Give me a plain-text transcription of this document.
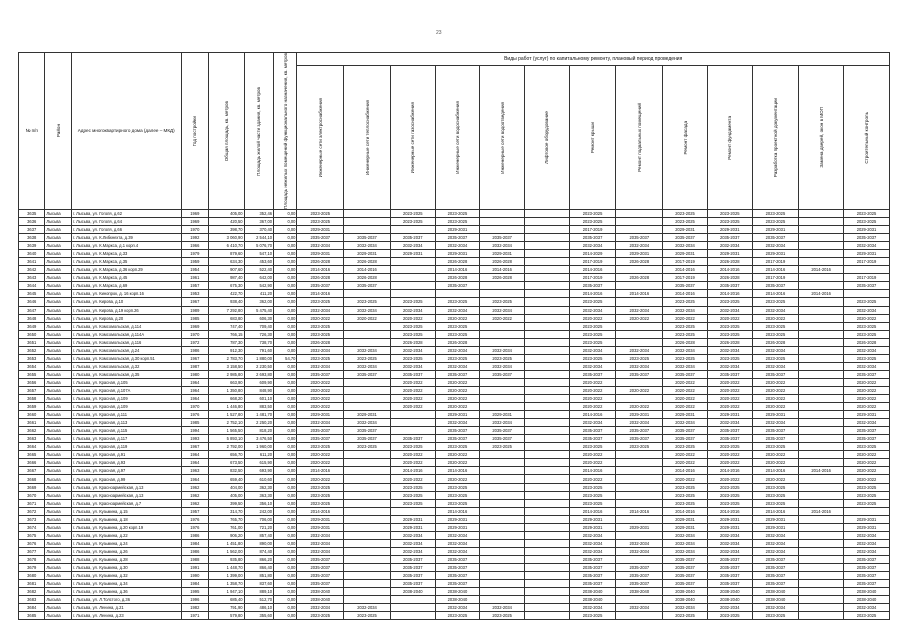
23
№ п/п	Район	Адрес многоквартирного дома (далее – МКД)	Год постройки	Общая площадь, кв. метров	Площадь жилой части здания, кв. метров	Площадь нежилых помещений функционального назначения, кв. метров	Виды работ (услуг) по капитальному ремонту, плановый период проведения												

							Инженерные сети электроснабжения	Инженерные сети теплоснабжения	Инженерные сети газоснабжения	Инженерные сети водоснабжения	Инженерные сети водоотведения	Лифтовое оборудование	Ремонт крыши	Ремонт подвальных помещений	Ремонт фасада	Ремонт фундамента	Разработка проектной документации	Замена дверей, окон в МОП	Строительный контроль

3635	Лысьва	г. Лысьва, ул. Гоголя, д.62	1969	405,00	352,46	0,00	2023-2025		2023-2025	2023-2025			2023-2025		2023-2025	2023-2025	2023-2025		2023-2025
3636	Лысьва	г. Лысьва, ул. Гоголя, д.64	1969	420,50	367,00	0,00	2023-2025		2023-2025	2023-2025			2023-2025		2023-2025	2023-2025	2023-2025		2023-2025
3637	Лысьва	г. Лысьва, ул. Гоголя, д.66	1970	398,70	370,40	0,00	2029-2031			2029-2031			2017-2019		2029-2031	2029-2031	2029-2031		2029-2031
3638	Лысьва	г. Лысьва, ул. К.Либкнехта, д.39	1992	3 060,90	2 544,10	0,00	2035-2037	2035-2037	2035-2037	2035-2037	2035-2037		2035-2037	2035-2037	2035-2037	2035-2037	2035-2037		2035-2037
3639	Лысьва	г. Лысьва, ул. К.Маркса, д.1 корп.4	1966	6 410,70	5 076,70	0,00	2032-2034	2032-2034	2032-2034	2032-2034	2032-2034		2032-2034	2032-2034	2032-2034	2032-2034	2032-2034		2032-2034
3640	Лысьва	г. Лысьва, ул. К.Маркса, д.33	1979	879,60	547,10	0,00	2029-2031	2029-2031	2029-2031	2029-2031	2029-2031		2014-2029	2029-2031	2029-2031	2029-2031	2029-2031		2029-2031
3641	Лысьва	г. Лысьва, ул. К.Маркса, д.35	1959	634,30	453,60	0,00	2026-2028	2026-2028		2026-2028	2026-2028		2017-2019	2026-2028	2017-2019	2026-2028	2017-2019		2017-2019
3642	Лысьва	г. Лысьва, ул. К.Маркса, д.36 корп.29	1954	907,60	522,40	0,00	2014-2016	2014-2016		2014-2016	2014-2016		2014-2016		2014-2016	2014-2016	2014-2016	2014-2016	
3643	Лысьва	г. Лысьва, ул. К.Маркса, д.45	1961	987,40	642,00	0,00	2026-2028	2026-2028		2026-2028	2026-2028		2017-2019	2026-2028	2017-2019	2026-2028	2017-2019		2017-2019
3644	Лысьва	г. Лысьва, ул. К.Маркса, д.69	1957	675,30	542,90	0,00	2035-2037	2035-2037		2035-2037			2035-2037		2035-2037	2035-2037	2035-2037		2035-2037
3645	Лысьва	г. Лысьва, ул. Кинопрок, д. 16 корп.16	1953	422,70	411,20	0,00	2014-2016						2014-2016	2014-2016	2014-2016	2014-2016	2014-2016	2014-2016	
3646	Лысьва	г. Лысьва, ул. Кирова, д.10	1967	938,40	362,00	0,00	2023-2025	2023-2025	2023-2025	2023-2025	2023-2025		2023-2025		2023-2025	2023-2025	2023-2025		2023-2025
3647	Лысьва	г. Лысьва, ул. Кирова, д.19 корп.26	1989	7 292,80	5 475,40	0,00	2032-2034	2032-2034	2032-2034	2032-2034	2032-2034		2032-2034	2032-2034	2032-2034	2032-2034	2032-2034		2032-2034
3648	Лысьва	г. Лысьва, ул. Кирова, д.20	1985	683,80	606,30	0,00	2020-2022	2020-2022	2020-2022	2020-2022	2020-2022		2020-2022	2020-2022	2020-2022	2020-2022	2020-2022		2020-2022
3649	Лысьва	г. Лысьва, ул. Комсомольская, д.114	1969	747,40	709,40	0,00	2023-2025		2023-2025	2023-2025			2023-2025		2023-2025	2023-2025	2023-2025		2023-2025
3650	Лысьва	г. Лысьва, ул. Комсомольская, д.114А	1970	766,15	726,30	0,00	2023-2025		2023-2025	2023-2025			2023-2025		2023-2025	2023-2025	2023-2025		2023-2025
3651	Лысьва	г. Лысьва, ул. Комсомольская, д.116	1972	787,30	738,70	0,00	2026-2028		2026-2028	2026-2028			2023-2025		2026-2028	2026-2028	2026-2028		2026-2028
3652	Лысьва	г. Лысьва, ул. Комсомольская, д.24	1986	912,30	791,60	0,00	2032-2034	2032-2034	2032-2034	2032-2034	2032-2034		2032-2034	2032-2034	2032-2034	2032-2034	2032-2034		2032-2034
3653	Лысьва	г. Лысьва, ул. Комсомольская, д.30 корп.51	1967	2 783,70	1 880,00	54,70	2023-2025	2023-2025	2023-2025	2023-2025	2023-2025		2023-2025	2023-2025	2023-2025	2023-2025	2023-2025		2023-2025
3654	Лысьва	г. Лысьва, ул. Комсомольская, д.32	1987	3 158,50	2 230,50	0,00	2032-2034	2032-2034	2032-2034	2032-2034	2032-2034		2032-2034	2032-2034	2032-2034	2032-2034	2032-2034		2032-2034
3655	Лысьва	г. Лысьва, ул. Комсомольская, д.35	1980	2 985,80	2 693,80	0,00	2035-2037	2035-2037	2035-2037	2035-2037	2035-2037		2035-2037	2035-2037	2035-2037	2035-2037	2035-2037		2035-2037
3656	Лысьва	г. Лысьва, ул. Красная, д.105	1964	663,90	609,90	0,00	2020-2022		2020-2022	2020-2022			2020-2022		2020-2022	2020-2022	2020-2022		2020-2022
3657	Лысьва	г. Лысьва, ул. Красная, д.107А	1964	1 350,80	848,90	0,00	2020-2022		2020-2022	2020-2022			2020-2022	2020-2022	2020-2022	2020-2022	2020-2022		2020-2022
3658	Лысьва	г. Лысьва, ул. Красная, д.109	1964	668,20	601,10	0,00	2020-2022		2020-2022	2020-2022			2020-2022		2020-2022	2020-2022	2020-2022		2020-2022
3659	Лысьва	г. Лысьва, ул. Красная, д.109	1970	1 446,80	883,50	0,00	2020-2022		2020-2022	2020-2022			2020-2022	2020-2022	2020-2022	2020-2022	2020-2022		2020-2022
3660	Лысьва	г. Лысьва, ул. Красная, д.111	1976	1 527,80	1 481,70	0,00	2029-2031	2029-2031		2029-2031	2029-2031		2014-2016	2029-2031	2029-2031	2029-2031	2029-2031		2029-2031
3661	Лысьва	г. Лысьва, ул. Красная, д.113	1985	2 752,10	2 250,20	0,00	2032-2034	2032-2034		2032-2034	2032-2034		2032-2034	2032-2034	2032-2034	2032-2034	2032-2034		2032-2034
3662	Лысьва	г. Лысьва, ул. Красная, д.115	1994	1 565,50	818,20	0,00	2035-2037	2035-2037		2035-2037	2035-2037		2035-2037	2035-2037	2035-2037	2035-2037	2035-2037		2035-2037
3663	Лысьва	г. Лысьва, ул. Красная, д.117	1993	5 893,10	3 476,50	0,00	2035-2037	2035-2037	2035-2037	2035-2037	2035-2037		2035-2037	2035-2037	2035-2037	2035-2037	2035-2037		2035-2037
3664	Лысьва	г. Лысьва, ул. Красная, д.119	1967	2 792,00	1 960,00	0,00	2023-2025	2023-2025	2023-2025	2023-2025	2023-2025		2023-2025	2023-2025	2023-2025	2023-2025	2023-2025		2023-2025
3665	Лысьва	г. Лысьва, ул. Красная, д.91	1964	656,70	611,20	0,00	2020-2022		2020-2022	2020-2022			2020-2022		2020-2022	2020-2022	2020-2022		2020-2022
3666	Лысьва	г. Лысьва, ул. Красная, д.93	1964	673,50	615,90	0,00	2020-2022		2020-2022	2020-2022			2020-2022		2020-2022	2020-2022	2020-2022		2020-2022
3667	Лысьва	г. Лысьва, ул. Красная, д.97	1963	832,50	693,90	0,00	2014-2016		2014-2016	2014-2016			2014-2016		2014-2016	2014-2016	2014-2016	2014-2016	2020-2022
3668	Лысьва	г. Лысьва, ул. Красная, д.99	1964	659,40	610,60	0,00	2020-2022		2020-2022	2020-2022			2020-2022		2020-2022	2020-2022	2020-2022		2020-2022
3669	Лысьва	г. Лысьва, ул. Красноармейская, д.13	1962	404,00	362,30	0,00	2023-2025		2023-2025	2023-2025			2023-2025		2023-2025	2023-2025	2023-2025		2023-2025
3670	Лысьва	г. Лысьва, ул. Красноармейская, д.13	1962	405,00	363,30	0,00	2023-2025		2023-2025	2023-2025			2023-2025		2023-2025	2023-2025	2023-2025		2023-2025
3671	Лысьва	г. Лысьва, ул. Красноармейская, д.7	1962	399,50	356,10	0,00	2023-2025		2023-2025	2023-2025			2023-2025		2023-2025	2023-2025	2023-2025		2023-2025
3672	Лысьва	г. Лысьва, ул. Кузьмина, д.15	1957	314,70	242,00	0,00	2014-2016			2014-2016			2014-2016	2014-2016	2014-2016	2014-2016	2014-2016	2014-2016	
3673	Лысьва	г. Лысьва, ул. Кузьмина, д.18	1976	765,70	706,00	0,00	2029-2031		2029-2031	2029-2031			2029-2031		2029-2031	2029-2031	2029-2031		2029-2031
3674	Лысьва	г. Лысьва, ул. Кузьмина, д.20 корп.19	1976	761,00	721,20	0,00	2029-2031		2029-2031	2029-2031			2029-2031	2029-2031	2029-2031	2029-2031	2029-2031		2029-2031
3675	Лысьва	г. Лысьва, ул. Кузьмина, д.22	1986	906,20	857,40	0,00	2032-2034		2032-2034	2032-2034			2032-2034		2032-2034	2032-2034	2032-2034		2032-2034
3676	Лысьва	г. Лысьва, ул. Кузьмина, д.24	1984	1 451,80	890,00	0,00	2032-2034		2032-2034	2032-2034			2032-2034	2032-2034	2032-2034	2032-2034	2032-2034		2032-2034
3677	Лысьва	г. Лысьва, ул. Кузьмина, д.26	1986	1 562,00	874,40	0,00	2032-2034		2032-2034	2032-2034			2032-2034	2032-2034	2032-2034	2032-2034	2032-2034		2032-2034
3678	Лысьва	г. Лысьва, ул. Кузьмина, д.28	1988	935,80	866,20	0,00	2035-2037		2035-2037	2035-2037			2035-2037		2035-2037	2035-2037	2035-2037		2035-2037
3679	Лысьва	г. Лысьва, ул. Кузьмина, д.30	1991	1 448,70	866,40	0,00	2035-2037		2035-2037	2035-2037			2035-2037	2035-2037	2035-2037	2035-2037	2035-2037		2035-2037
3680	Лысьва	г. Лысьва, ул. Кузьмина, д.32	1990	1 399,00	851,80	0,00	2035-2037		2035-2037	2035-2037			2035-2037	2035-2037	2035-2037	2035-2037	2035-2037		2035-2037
3681	Лысьва	г. Лысьва, ул. Кузьмина, д.34	1984	1 358,70	837,60	0,00	2035-2037		2035-2037	2035-2037			2035-2037	2035-2037	2035-2037	2035-2037	2035-2037		2035-2037
3682	Лысьва	г. Лысьва, ул. Кузьмина, д.36	1995	1 947,10	889,10	0,00	2038-2040		2038-2040	2038-2040			2038-2040	2038-2040	2038-2040	2038-2040	2038-2040		2038-2040
3683	Лысьва	г. Лысьва, ул. Л.Толстого, д.36	1996	685,40	512,70	0,00	2038-2040			2038-2040			2038-2040		2038-2040	2038-2040	2038-2040		2038-2040
3684	Лысьва	г. Лысьва, ул. Ленина, д.21	1982	791,90	486,10	0,00	2032-2034	2032-2034		2032-2034	2032-2034		2032-2034	2032-2034	2032-2034	2032-2034	2032-2034		2032-2034
3685	Лысьва	г. Лысьва, ул. Ленина, д.23	1971	579,80	355,60	0,00	2023-2025	2023-2025		2023-2025	2023-2025		2023-2025		2023-2025	2023-2025	2023-2025		2023-2025
